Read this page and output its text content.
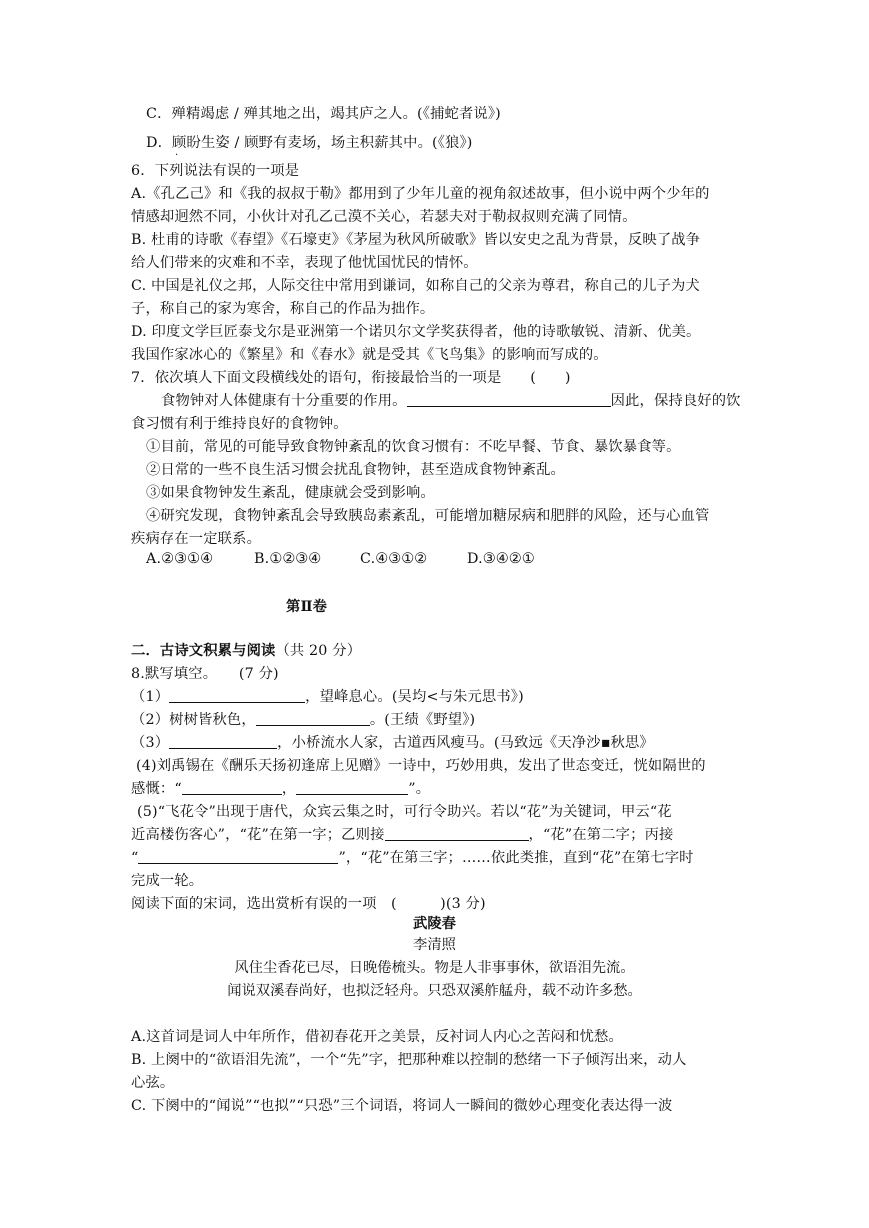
C．殚精竭虑 / 殚其地之出，竭其庐之人。(《捕蛇者说》)
D．顾盼生姿 / 顾野有麦场，场主积薪其中。(《狼》)
·
6．下列说法有误的一项是
A.《孔乙己》和《我的叔叔于勒》都用到了少年儿童的视角叙述故事，但小说中两个少年的
情感却迥然不同，小伙计对孔乙己漠不关心，若瑟夫对于勒叔叔则充满了同情。
B. 杜甫的诗歌《春望》《石壕吏》《茅屋为秋风所破歌》皆以安史之乱为背景，反映了战争
给人们带来的灾难和不幸，表现了他忧国忧民的情怀。
C. 中国是礼仪之邦，人际交往中常用到谦词，如称自己的父亲为尊君，称自己的儿子为犬
子，称自己的家为寒舍，称自己的作品为拙作。
D. 印度文学巨匠泰戈尔是亚洲第一个诺贝尔文学奖获得者，他的诗歌敏锐、清新、优美。
我国作家冰心的《繁星》和《春水》就是受其《飞鸟集》的影响而写成的。
7．依次填人下面文段横线处的语句，衔接最恰当的一项是　　(　　)
食物钟对人体健康有十分重要的作用。	因此，保持良好的饮
食习惯有利于维持良好的食物钟。
①目前，常见的可能导致食物钟紊乱的饮食习惯有：不吃早餐、节食、暴饮暴食等。
②日常的一些不良生活习惯会扰乱食物钟，甚至造成食物钟紊乱。
③如果食物钟发生紊乱，健康就会受到影响。
④研究发现，食物钟紊乱会导致胰岛素紊乱，可能增加糖尿病和肥胖的风险，还与心血管
疾病存在一定联系。
A.②③①④	B.①②③④	C.④③①②	D.③④②①
第Ⅱ卷
二．古诗文积累与阅读（共 20 分）
8.默写填空。　　(7 分)
（1）	，望峰息心。(吴均<与朱元思书》)
（2）树树皆秋色，	。(王绩《野望》)
（3）	，小桥流水人家，古道西风瘦马。(马致远《天净沙▪秋思》
(4)刘禹锡在《酬乐天扬初逢席上见赠》一诗中，巧妙用典，发出了世态变迁，恍如隔世的
感慨：“	，	”。
(5)“飞花令”出现于唐代，众宾云集之时，可行令助兴。若以“花”为关键词，甲云“花
近高楼伤客心”，“花”在第一字；乙则接	，“花”在第二字；丙接
“	”，“花”在第三字；……依此类推，直到“花”在第七字时
完成一轮。
阅读下面的宋词，选出赏析有误的一项　(　　　)(3 分)
武陵春
李清照
风住尘香花已尽，日晚倦梳头。物是人非事事休，欲语泪先流。
闻说双溪春尚好，也拟泛轻舟。只恐双溪舴艋舟，载不动许多愁。
A.这首词是词人中年所作，借初春花开之美景，反衬词人内心之苦闷和忧愁。
B. 上阕中的“欲语泪先流”，一个“先”字，把那种难以控制的愁绪一下子倾泻出来，动人
心弦。
C. 下阕中的“闻说”“也拟”“只恐”三个词语，将词人一瞬间的微妙心理变化表达得一波
